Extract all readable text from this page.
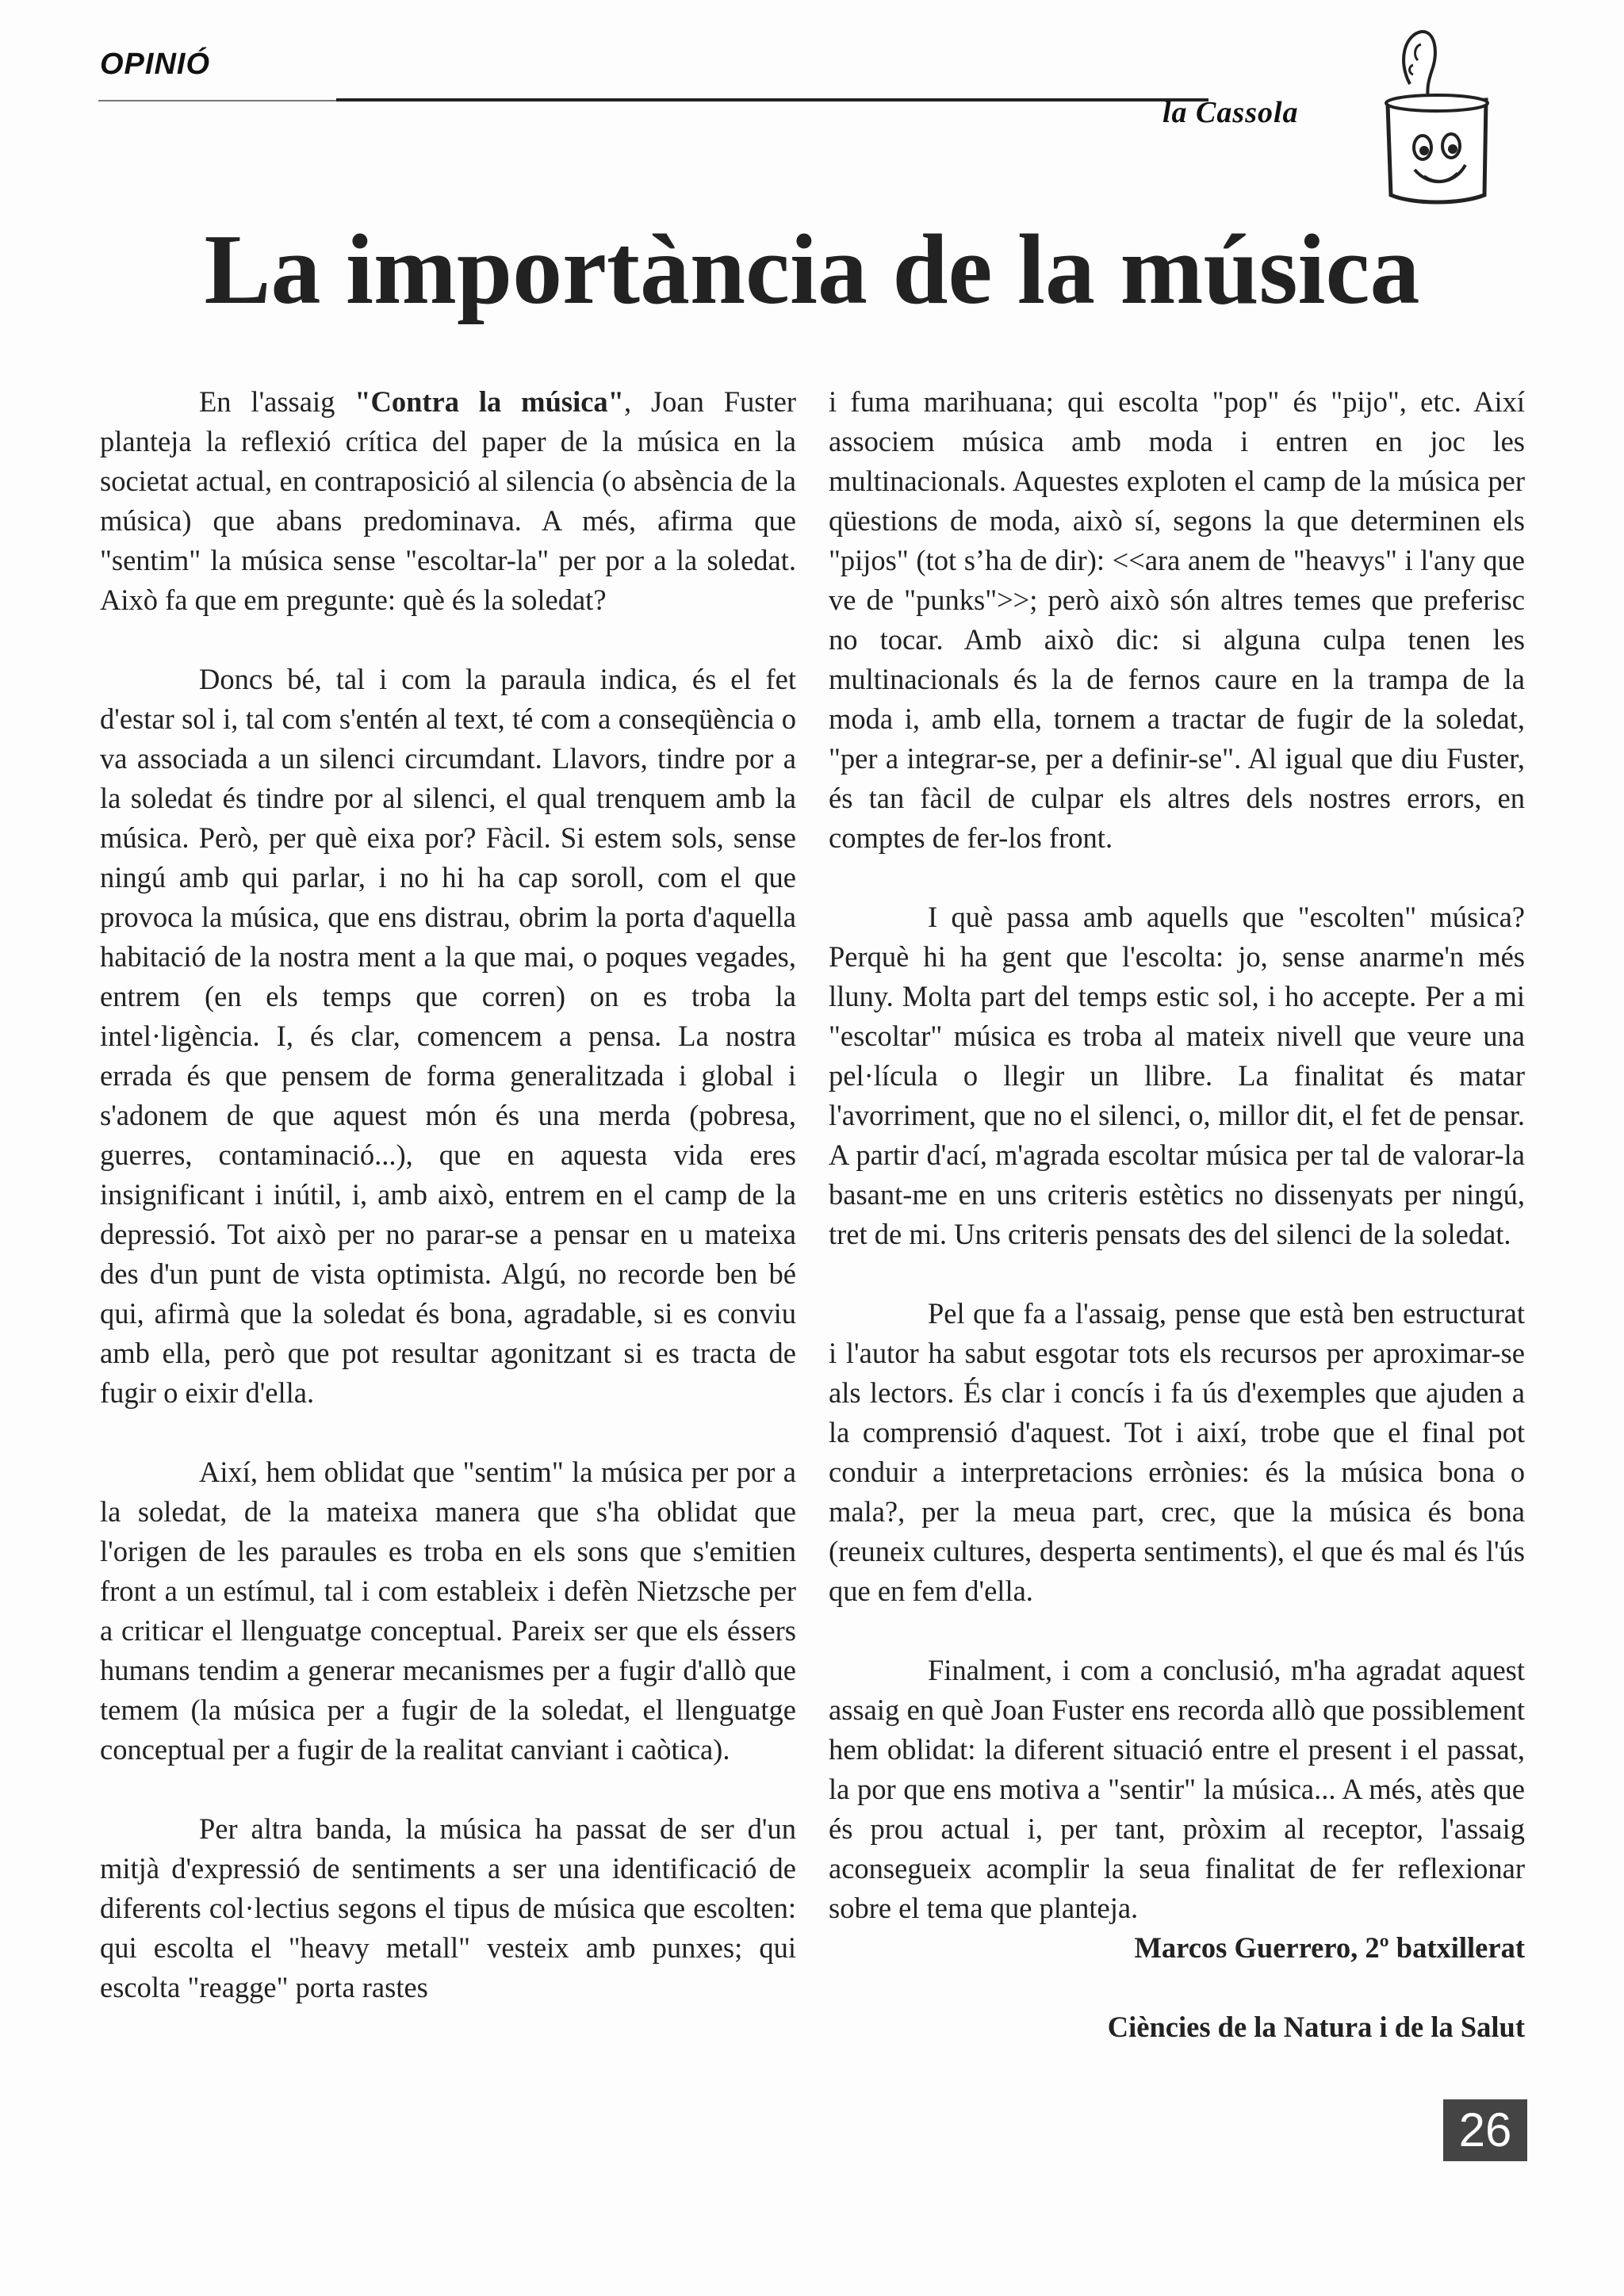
OPINIÓ
la Cassola
La importància de la música

En l'assaig "Contra la música", Joan Fuster planteja la reflexió crítica del paper de la música en la societat actual, en contraposició al silencia (o absència de la música) que abans predominava. A més, afirma que "sentim" la música sense "escoltar-la" per por a la soledat. Això fa que em pregunte: què és la soledat?

Doncs bé, tal i com la paraula indica, és el fet d'estar sol i, tal com s'entén al text, té com a conseqüència o va associada a un silenci circumdant. Llavors, tindre por a la soledat és tindre por al silenci, el qual trenquem amb la música. Però, per què eixa por? Fàcil. Si estem sols, sense ningú amb qui parlar, i no hi ha cap soroll, com el que provoca la música, que ens distrau, obrim la porta d'aquella habitació de la nostra ment a la que mai, o poques vegades, entrem (en els temps que corren) on es troba la intel·ligència. I, és clar, comencem a pensa. La nostra errada és que pensem de forma generalitzada i global i s'adonem de que aquest món és una merda (pobresa, guerres, contaminació...), que en aquesta vida eres insignificant i inútil, i, amb això, entrem en el camp de la depressió. Tot això per no parar-se a pensar en u mateixa des d'un punt de vista optimista. Algú, no recorde ben bé qui, afirmà que la soledat és bona, agradable, si es conviu amb ella, però que pot resultar agonitzant si es tracta de fugir o eixir d'ella.

Així, hem oblidat que "sentim" la música per por a la soledat, de la mateixa manera que s'ha oblidat que l'origen de les paraules es troba en els sons que s'emitien front a un estímul, tal i com estableix i defèn Nietzsche per a criticar el llenguatge conceptual. Pareix ser que els éssers humans tendim a generar mecanismes per a fugir d'allò que temem (la música per a fugir de la soledat, el llenguatge conceptual per a fugir de la realitat canviant i caòtica).

Per altra banda, la música ha passat de ser d'un mitjà d'expressió de sentiments a ser una identificació de diferents col·lectius segons el tipus de música que escolten: qui escolta el "heavy metall" vesteix amb punxes; qui escolta "reagge" porta rastes

i fuma marihuana; qui escolta "pop" és "pijo", etc. Així associem música amb moda i entren en joc les multinacionals. Aquestes exploten el camp de la música per qüestions de moda, això sí, segons la que determinen els "pijos" (tot s’ha de dir): <<ara anem de "heavys" i l'any que ve de "punks">>; però això són altres temes que preferisc no tocar. Amb això dic: si alguna culpa tenen les multinacionals és la de fernos caure en la trampa de la moda i, amb ella, tornem a tractar de fugir de la soledat, "per a integrar-se, per a definir-se". Al igual que diu Fuster, és tan fàcil de culpar els altres dels nostres errors, en comptes de fer-los front.

I què passa amb aquells que "escolten" música? Perquè hi ha gent que l'escolta: jo, sense anarme'n més lluny. Molta part del temps estic sol, i ho accepte. Per a mi "escoltar" música es troba al mateix nivell que veure una pel·lícula o llegir un llibre. La finalitat és matar l'avorriment, que no el silenci, o, millor dit, el fet de pensar. A partir d'ací, m'agrada escoltar música per tal de valorar-la basant-me en uns criteris estètics no dissenyats per ningú, tret de mi. Uns criteris pensats des del silenci de la soledat.

Pel que fa a l'assaig, pense que està ben estructurat i l'autor ha sabut esgotar tots els recursos per aproximar-se als lectors. És clar i concís i fa ús d'exemples que ajuden a la comprensió d'aquest. Tot i així, trobe que el final pot conduir a interpretacions errònies: és la música bona o mala?, per la meua part, crec, que la música és bona (reuneix cultures, desperta sentiments), el que és mal és l'ús que en fem d'ella.

Finalment, i com a conclusió, m'ha agradat aquest assaig en què Joan Fuster ens recorda allò que possiblement hem oblidat: la diferent situació entre el present i el passat, la por que ens motiva a "sentir" la música... A més, atès que és prou actual i, per tant, pròxim al receptor, l'assaig aconsegueix acomplir la seua finalitat de fer reflexionar sobre el tema que planteja.

Marcos Guerrero, 2º batxillerat

Ciències de la Natura i de la Salut

26
